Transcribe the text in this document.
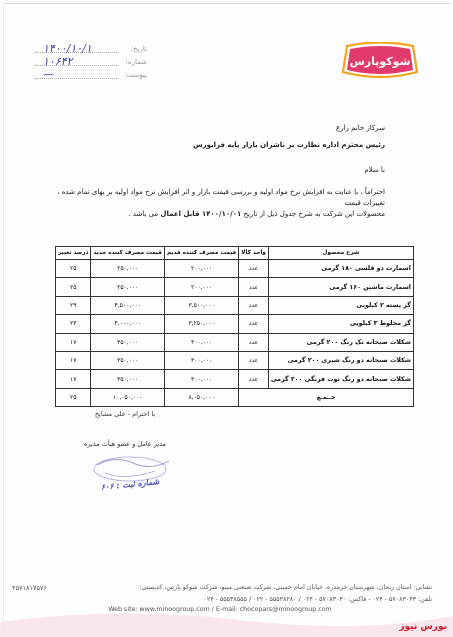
شوکوپارس
تاریخ:
۱۴۰۰/۱۰/۱
شماره:
۱۰۶۴۲
پیوست:
—
سرکار خانم زارع
رئیس محترم اداره نظارت بر ناشران بازار پایه فرابورس
با سلام
احتراماً ، با عنایت به افزایش نرخ مواد اولیه و بررسی قیمت بازار و اثر افزایش نرخ مواد اولیه بر بهای تمام شده ، تغییرات قیمت
محصولات این شرکت به شرح جدول ذیل از تاریخ ۱۴۰۰/۱۰/۰۱ قابل اعمال می باشد .
شرح محصول	واحد کالا	قیمت مصرف کننده قدیم	قیمت مصرف کننده جدید	درصد تغییر
اسمارت دو قلسی ۱۸۰ گرمی	عدد	۲۰۰,۰۰۰	۲۵۰,۰۰۰	۲۵
اسمارت ماشین ۱۶۰ گرمی	عدد	۲۰۰,۰۰۰	۲۵۰,۰۰۰	۲۵
گز پسته ۲ کیلویی	عدد	۳,۵۰۰,۰۰۰	۴,۵۰۰,۰۰۰	۲۹
گز مخلوط ۳ کیلویی	عدد	۳,۲۵۰,۰۰۰	۴,۰۰۰,۰۰۰	۲۳
شکلات صبحانه تک رنگ ۲۰۰ گرمی	عدد	۳۰۰,۰۰۰	۳۵۰,۰۰۰	۱۷
شکلات صبحانه دو رنگ شیری ۲۰۰ گرمی	عدد	۳۰۰,۰۰۰	۳۵۰,۰۰۰	۱۷
شکلات صبحانه دو رنگ توت فرنگی ۲۰۰ گرمی	عدد	۳۰۰,۰۰۰	۳۵۰,۰۰۰	۱۷
جــمـع		۸,۰۵۰,۰۰۰	۱۰,۰۵۰,۰۰۰	۲۵
با احترام - علی مشایخ
مدیر عامل و عضو هیأت مدیره
شماره ثبت : ۶۰۶
نشانی: استان زنجان، شهرستان خرمدره، خیابان امام خمینی، شرکت صنعتی مینو، شرکت شوکو پارس، کدپستی:
۴۵۷۱۸۱۷۵۷۶
تلفن: ۵۷۰۸۳۰۴۳ - ۰۲۴ - فاکس: ۵۷۰۸۳۰۳۰ - ۰۲۴ / ۵۵۵۳۸۲۸۰ - ۰۲۲ / ۵۵۵۳۸۵۵۵ - ۰۲۴
Web site: www.minoogroup.com / E-mail: chocopars@minoogroup.com
بورس نیوز
